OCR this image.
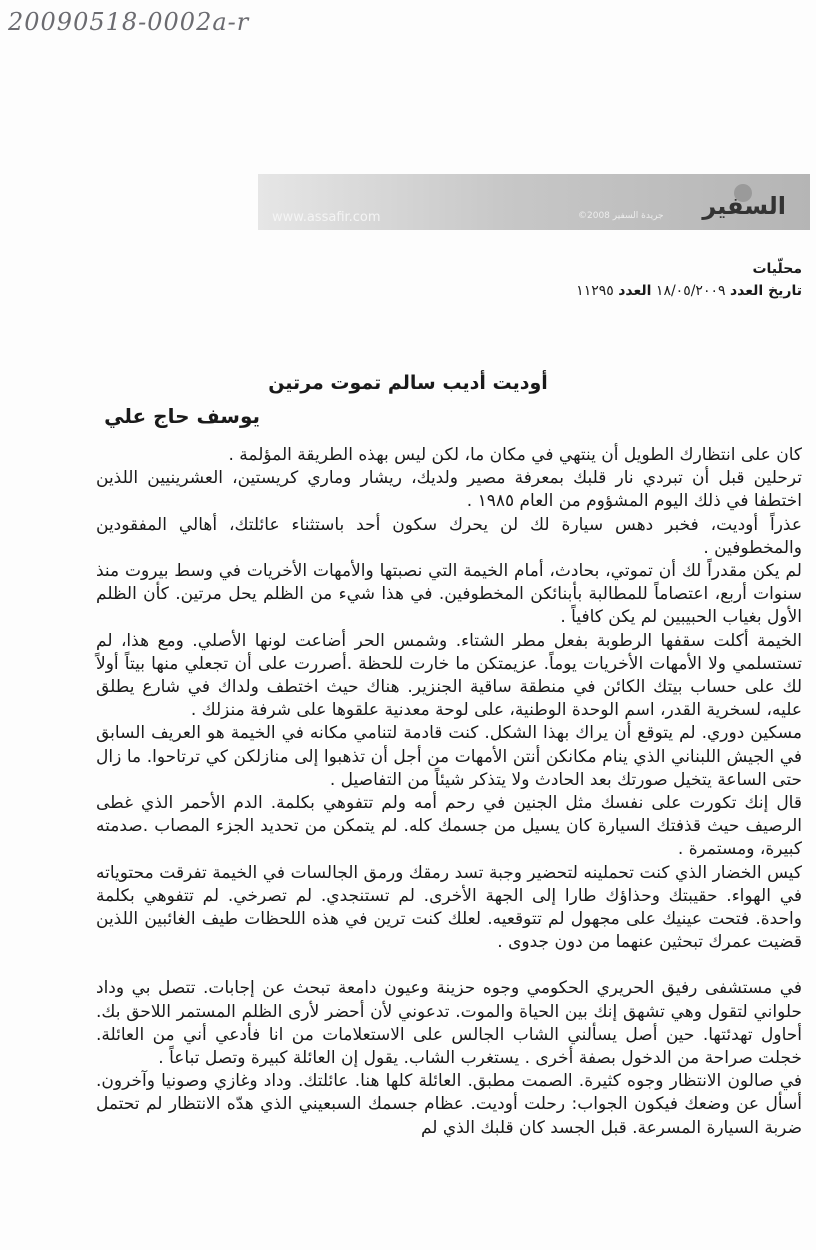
20090518-0002a-r
www.assafir.com	©2008 جريدة السفير السفير
محلّيات
تاريخ العدد ١٨/٠٥/٢٠٠٩ العدد ١١٢٩٥
أوديت أديب سالم تموت مرتين
يوسف حاج علي

كان على انتظارك الطويل أن ينتهي في مكان ما، لكن ليس بهذه الطريقة المؤلمة .

ترحلين قبل أن تبردي نار قلبك بمعرفة مصير ولديك، ريشار وماري كريستين، العشرينيين اللذين اختطفا في ذلك اليوم المشؤوم من العام ١٩٨٥ .

عذراً أوديت، فخبر دهس سيارة لك لن يحرك سكون أحد باستثناء عائلتك، أهالي المفقودين والمخطوفين .

لم يكن مقدراً لك أن تموتي، بحادث، أمام الخيمة التي نصبتها والأمهات الأخريات في وسط بيروت منذ سنوات أربع، اعتصاماً للمطالبة بأبنائكن المخطوفين. في هذا شيء من الظلم يحل مرتين. كأن الظلم الأول بغياب الحبيبين لم يكن كافياً .

الخيمة أكلت سقفها الرطوبة بفعل مطر الشتاء. وشمس الحر أضاعت لونها الأصلي. ومع هذا، لم تستسلمي ولا الأمهات الأخريات يوماً. عزيمتكن ما خارت للحظة .أصررت على أن تجعلي منها بيتاً أولاً لك على حساب بيتك الكائن في منطقة ساقية الجنزير. هناك حيث اختطف ولداك في شارع يطلق عليه، لسخرية القدر، اسم الوحدة الوطنية، على لوحة معدنية علقوها على شرفة منزلك .

مسكين دوري. لم يتوقع أن يراك بهذا الشكل. كنت قادمة لتنامي مكانه في الخيمة هو العريف السابق في الجيش اللبناني الذي ينام مكانكن أنتن الأمهات من أجل أن تذهبوا إلى منازلكن كي ترتاحوا. ما زال حتى الساعة يتخيل صورتك بعد الحادث ولا يتذكر شيئاً من التفاصيل .

قال إنك تكورت على نفسك مثل الجنين في رحم أمه ولم تتفوهي بكلمة. الدم الأحمر الذي غطى الرصيف حيث قذفتك السيارة كان يسيل من جسمك كله. لم يتمكن من تحديد الجزء المصاب .صدمته كبيرة، ومستمرة .

كيس الخضار الذي كنت تحملينه لتحضير وجبة تسد رمقك ورمق الجالسات في الخيمة تفرقت محتوياته في الهواء. حقيبتك وحذاؤك طارا إلى الجهة الأخرى. لم تستنجدي. لم تصرخي. لم تتفوهي بكلمة واحدة. فتحت عينيك على مجهول لم تتوقعيه. لعلك كنت ترين في هذه اللحظات طيف الغائبين اللذين قضيت عمرك تبحثين عنهما من دون جدوى .

في مستشفى رفيق الحريري الحكومي وجوه حزينة وعيون دامعة تبحث عن إجابات. تتصل بي وداد حلواني لتقول وهي تشهق إنك بين الحياة والموت. تدعوني لأن أحضر لأرى الظلم المستمر اللاحق بك. أحاول تهدئتها. حين أصل يسألني الشاب الجالس على الاستعلامات من انا فأدعي أني من العائلة. خجلت صراحة من الدخول بصفة أخرى . يستغرب الشاب. يقول إن العائلة كبيرة وتصل تباعاً .

في صالون الانتظار وجوه كثيرة. الصمت مطبق. العائلة كلها هنا. عائلتك. وداد وغازي وصونيا وآخرون. أسأل عن وضعك فيكون الجواب: رحلت أوديت. عظام جسمك السبعيني الذي هدّه الانتظار لم تحتمل ضربة السيارة المسرعة. قبل الجسد كان قلبك الذي لم
